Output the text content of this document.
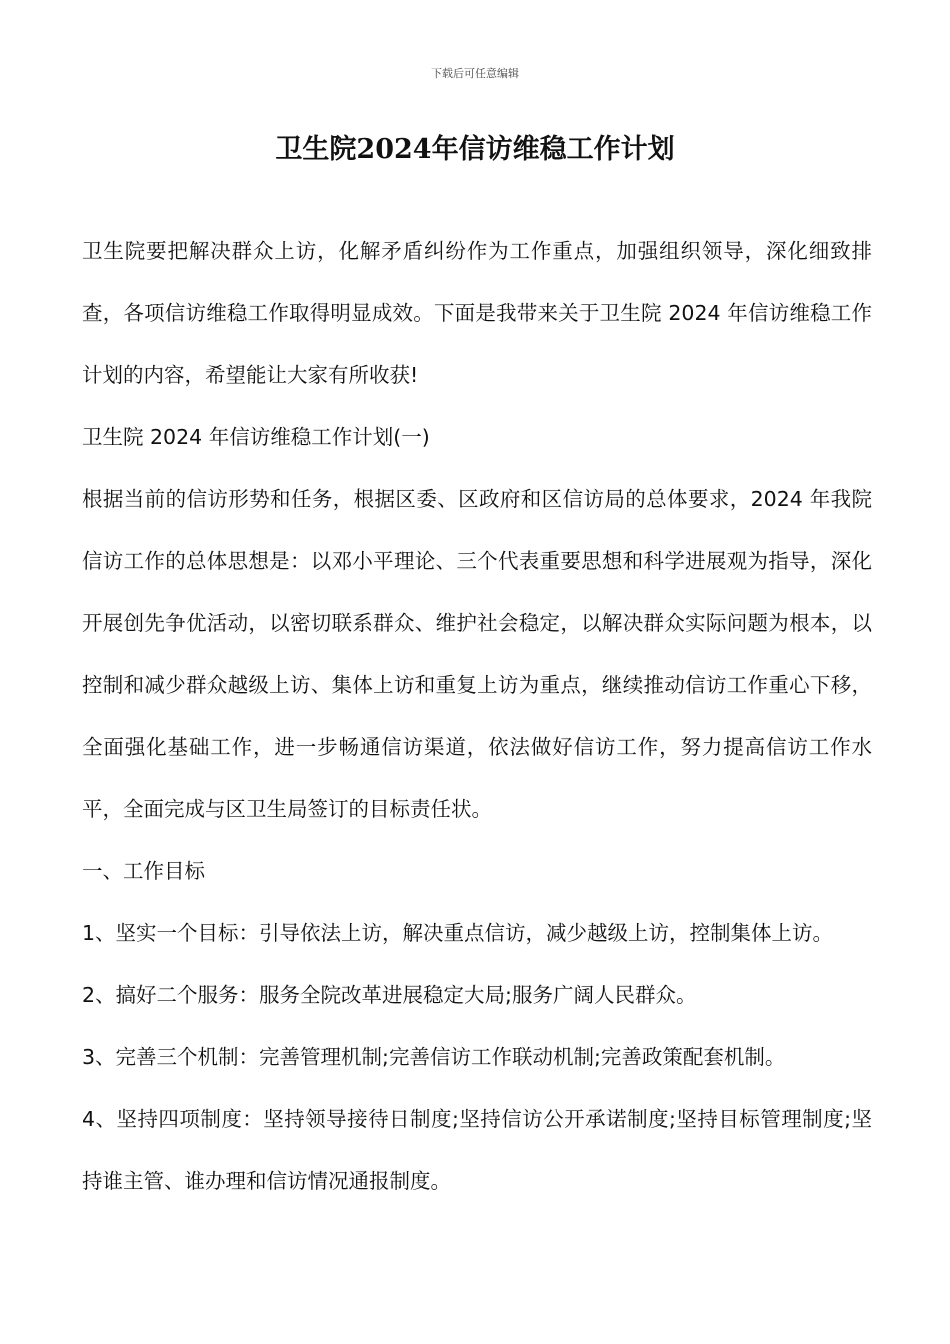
下载后可任意编辑
卫生院2024年信访维稳工作计划

卫生院要把解决群众上访，化解矛盾纠纷作为工作重点，加强组织领导，深化细致排查，各项信访维稳工作取得明显成效。下面是我带来关于卫生院 2024 年信访维稳工作计划的内容，希望能让大家有所收获!

卫生院 2024 年信访维稳工作计划(一)

根据当前的信访形势和任务，根据区委、区政府和区信访局的总体要求，2024 年我院信访工作的总体思想是：以邓小平理论、三个代表重要思想和科学进展观为指导，深化开展创先争优活动，以密切联系群众、维护社会稳定，以解决群众实际问题为根本，以控制和减少群众越级上访、集体上访和重复上访为重点，继续推动信访工作重心下移，全面强化基础工作，进一步畅通信访渠道，依法做好信访工作，努力提高信访工作水平，全面完成与区卫生局签订的目标责任状。

一、工作目标

1、坚实一个目标：引导依法上访，解决重点信访，减少越级上访，控制集体上访。

2、搞好二个服务：服务全院改革进展稳定大局;服务广阔人民群众。

3、完善三个机制：完善管理机制;完善信访工作联动机制;完善政策配套机制。

4、坚持四项制度：坚持领导接待日制度;坚持信访公开承诺制度;坚持目标管理制度;坚持谁主管、谁办理和信访情况通报制度。
